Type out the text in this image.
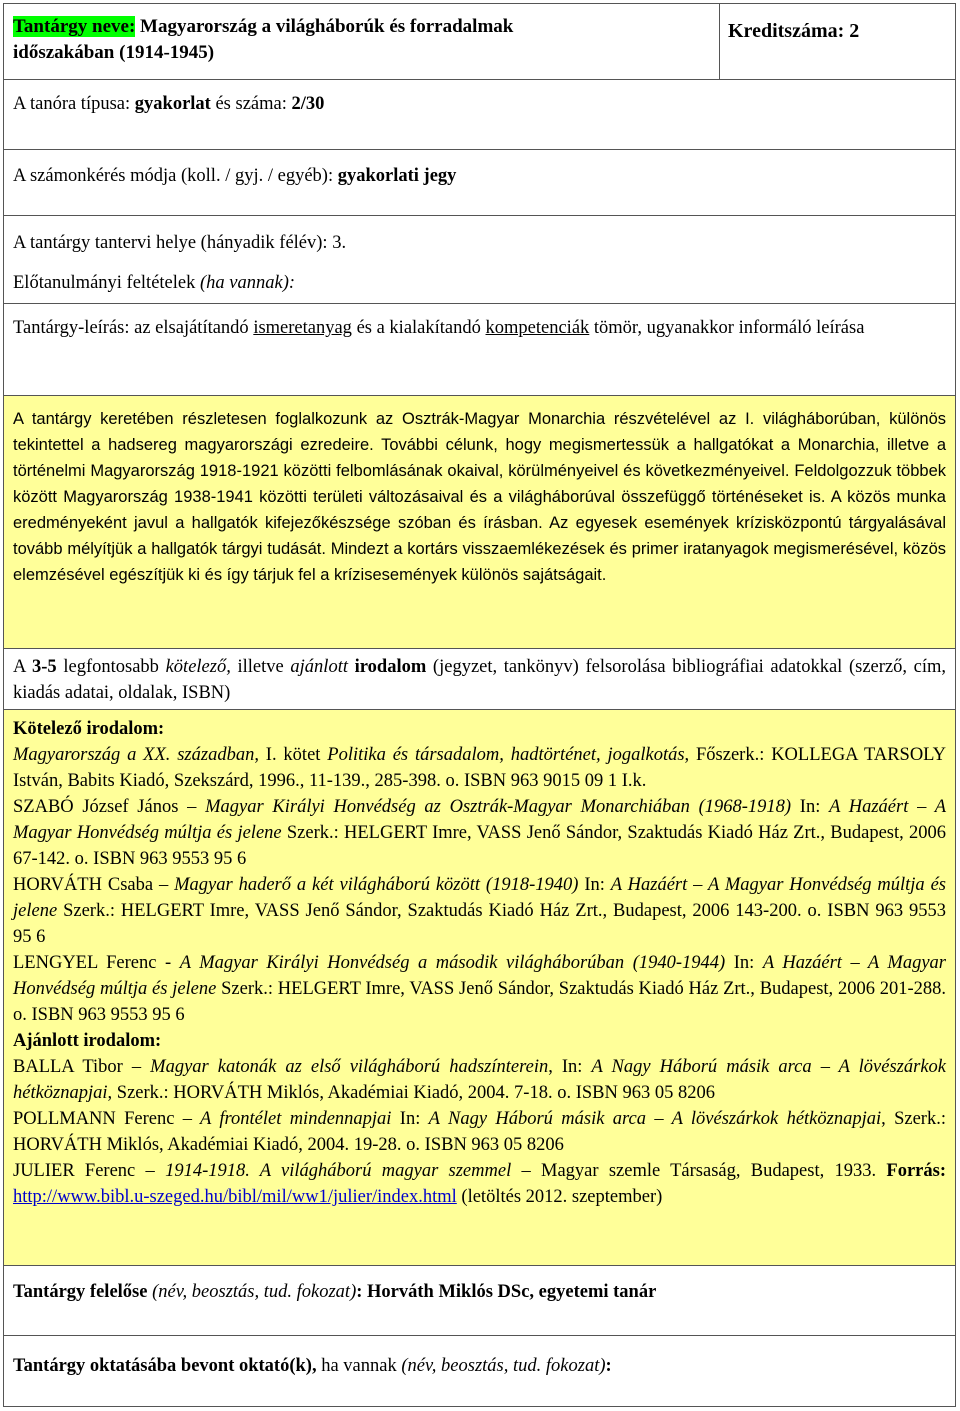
Tantárgy neve: Magyarország a világháborúk és forradalmak időszakában (1914-1945)
Kreditszáma: 2
A tanóra típusa: gyakorlat és száma: 2/30
A számonkérés módja (koll. / gyj. / egyéb): gyakorlati jegy
A tantárgy tantervi helye (hányadik félév): 3.
Előtanulmányi feltételek (ha vannak):
Tantárgy-leírás: az elsajátítandó ismeretanyag és a kialakítandó kompetenciák tömör, ugyanakkor informáló leírása
A tantárgy keretében részletesen foglalkozunk az Osztrák-Magyar Monarchia részvételével az I. világháborúban, különös tekintettel a hadsereg magyarországi ezredeire. További célunk, hogy megismertessük a hallgatókat a Monarchia, illetve a történelmi Magyarország 1918-1921 közötti felbomlásának okaival, körülményeivel és következményeivel. Feldolgozzuk többek között Magyarország 1938-1941 közötti területi változásaival és a világháborúval összefüggő történéseket is. A közös munka eredményeként javul a hallgatók kifejezőkészsége szóban és írásban. Az egyesek események krízisközpontú tárgyalásával tovább mélyítjük a hallgatók tárgyi tudását. Mindezt a kortárs visszaemlékezések és primer iratanyagok megismerésével, közös elemzésével egészítjük ki és így tárjuk fel a krízisesemények különös sajátságait.
A 3-5 legfontosabb kötelező, illetve ajánlott irodalom (jegyzet, tankönyv) felsorolása bibliográfiai adatokkal (szerző, cím, kiadás adatai, oldalak, ISBN)

Kötelező irodalom:

Magyarország a XX. században, I. kötet Politika és társadalom, hadtörténet, jogalkotás, Főszerk.: KOLLEGA TARSOLY István, Babits Kiadó, Szekszárd, 1996., 11-139., 285-398. o. ISBN 963 9015 09 1 I.k.

SZABÓ József János – Magyar Királyi Honvédség az Osztrák-Magyar Monarchiában (1968-1918) In: A Hazáért – A Magyar Honvédség múltja és jelene Szerk.: HELGERT Imre, VASS Jenő Sándor, Szaktudás Kiadó Ház Zrt., Budapest, 2006 67-142. o. ISBN 963 9553 95 6

HORVÁTH Csaba – Magyar haderő a két világháború között (1918-1940) In: A Hazáért – A Magyar Honvédség múltja és jelene Szerk.: HELGERT Imre, VASS Jenő Sándor, Szaktudás Kiadó Ház Zrt., Budapest, 2006 143-200. o. ISBN 963 9553 95 6

LENGYEL Ferenc - A Magyar Királyi Honvédség a második világháborúban (1940-1944) In: A Hazáért – A Magyar Honvédség múltja és jelene Szerk.: HELGERT Imre, VASS Jenő Sándor, Szaktudás Kiadó Ház Zrt., Budapest, 2006 201-288. o. ISBN 963 9553 95 6

Ajánlott irodalom:

BALLA Tibor – Magyar katonák az első világháború hadszínterein, In: A Nagy Háború másik arca – A lövészárkok hétköznapjai, Szerk.: HORVÁTH Miklós, Akadémiai Kiadó, 2004. 7-18. o. ISBN 963 05 8206

POLLMANN Ferenc – A frontélet mindennapjai In: A Nagy Háború másik arca – A lövészárkok hétköznapjai, Szerk.: HORVÁTH Miklós, Akadémiai Kiadó, 2004. 19-28. o. ISBN 963 05 8206

JULIER Ferenc – 1914-1918. A világháború magyar szemmel – Magyar szemle Társaság, Budapest, 1933. Forrás: http://www.bibl.u-szeged.hu/bibl/mil/ww1/julier/index.html (letöltés 2012. szeptember)

Tantárgy felelőse (név, beosztás, tud. fokozat): Horváth Miklós DSc, egyetemi tanár
Tantárgy oktatásába bevont oktató(k), ha vannak (név, beosztás, tud. fokozat):
